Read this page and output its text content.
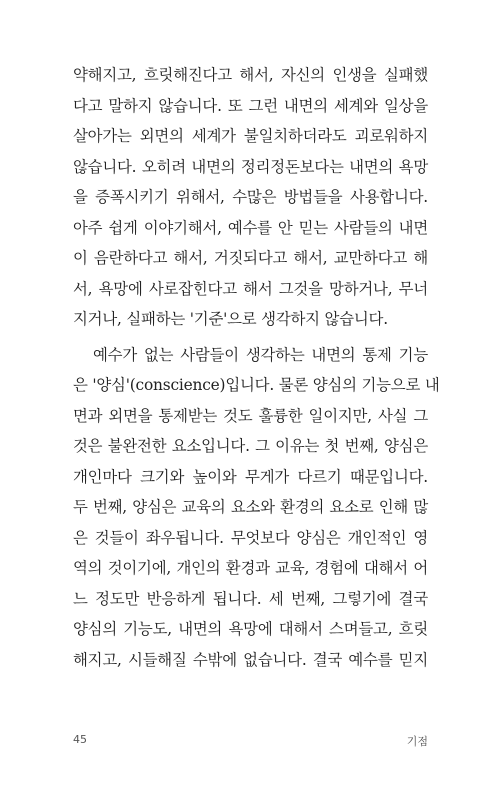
약해지고, 흐릿해진다고 해서, 자신의 인생을 실패했
다고 말하지 않습니다. 또 그런 내면의 세계와 일상을
살아가는 외면의 세계가 불일치하더라도 괴로워하지
않습니다. 오히려 내면의 정리정돈보다는 내면의 욕망
을 증폭시키기 위해서, 수많은 방법들을 사용합니다.
아주 쉽게 이야기해서, 예수를 안 믿는 사람들의 내면
이 음란하다고 해서, 거짓되다고 해서, 교만하다고 해
서, 욕망에 사로잡힌다고 해서 그것을 망하거나, 무너
지거나, 실패하는 '기준'으로 생각하지 않습니다.
예수가 없는 사람들이 생각하는 내면의 통제 기능
은 '양심'(conscience)입니다. 물론 양심의 기능으로 내
면과 외면을 통제받는 것도 훌륭한 일이지만, 사실 그
것은 불완전한 요소입니다. 그 이유는 첫 번째, 양심은
개인마다 크기와 높이와 무게가 다르기 때문입니다.
두 번째, 양심은 교육의 요소와 환경의 요소로 인해 많
은 것들이 좌우됩니다. 무엇보다 양심은 개인적인 영
역의 것이기에, 개인의 환경과 교육, 경험에 대해서 어
느 정도만 반응하게 됩니다. 세 번째, 그렇기에 결국
양심의 기능도, 내면의 욕망에 대해서 스며들고, 흐릿
해지고, 시들해질 수밖에 없습니다. 결국 예수를 믿지
45	기점
